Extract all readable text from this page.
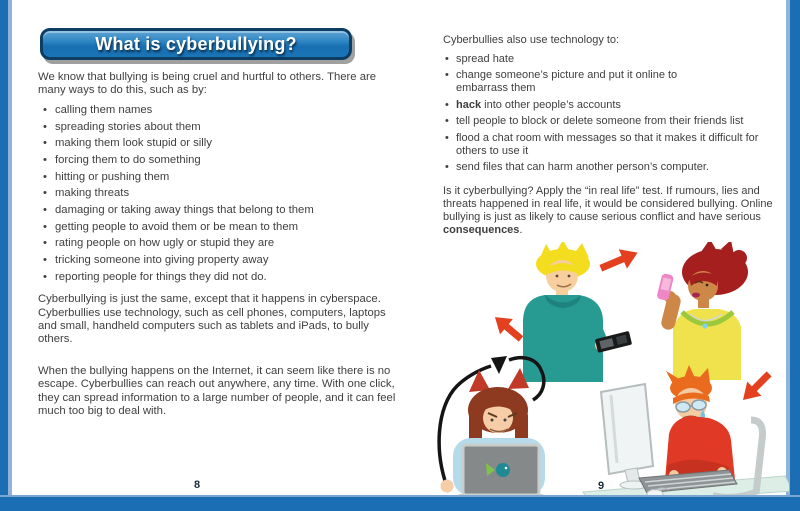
What is cyberbullying?

We know that bullying is being cruel and hurtful to others. There are many ways to do this, such as by:

• calling them names
• spreading stories about them
• making them look stupid or silly
• forcing them to do something
• hitting or pushing them
• making threats
• damaging or taking away things that belong to them
• getting people to avoid them or be mean to them
• rating people on how ugly or stupid they are
• tricking someone into giving property away
• reporting people for things they did not do.

Cyberbullying is just the same, except that it happens in cyberspace. Cyberbullies use technology, such as cell phones, computers, laptops and small, handheld computers such as tablets and iPads, to bully others.

When the bullying happens on the Internet, it can seem like there is no escape. Cyberbullies can reach out anywhere, any time. With one click, they can spread information to a large number of people, and it can feel much too big to deal with.

Cyberbullies also use technology to:

• spread hate
• change someone’s picture and put it online to embarrass them
• hack into other people’s accounts
• tell people to block or delete someone from their friends list
• flood a chat room with messages so that it makes it difficult for others to use it
• send files that can harm another person’s computer.

Is it cyberbullying? Apply the “in real life” test. If rumours, lies and threats happened in real life, it would be considered bullying. Online bullying is just as likely to cause serious conflict and have serious consequences.

8	9
